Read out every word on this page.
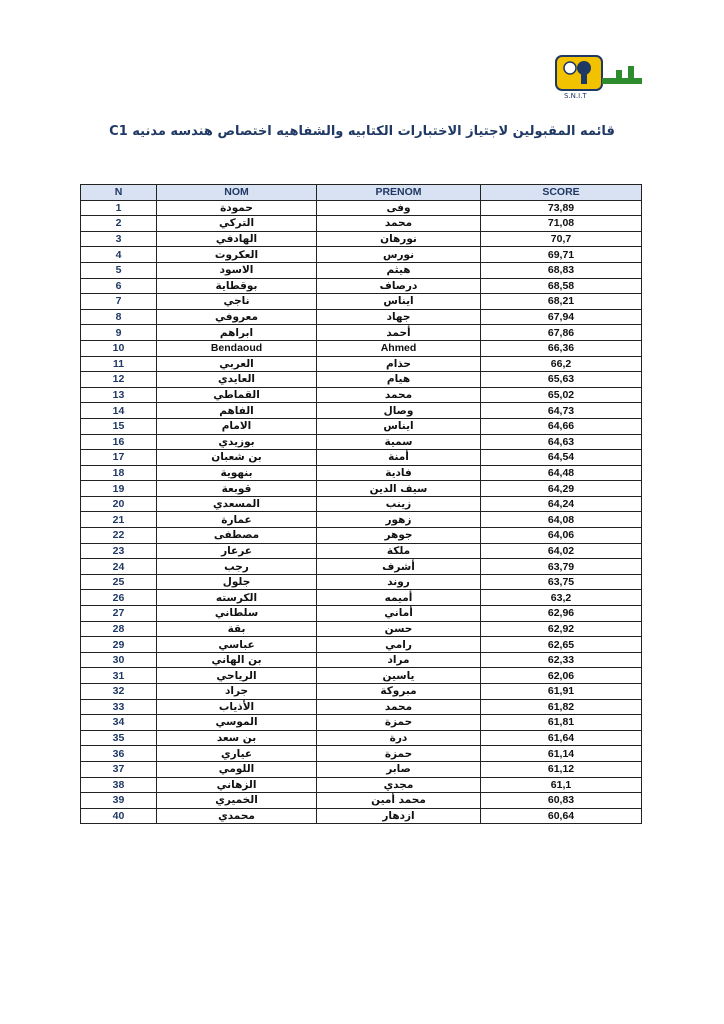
S.N.I.T
قائمه المقبولين لاجتياز الاختبارات الكتابيه والشفاهيه اختصاص هندسه مدنيه C1
N	NOM	PRENOM	SCORE
1	حمودة	وفى	73,89
2	التركي	محمد	71,08
3	الهادفي	نورهان	70,7
4	العكروت	نورس	69,71
5	الاسود	هيثم	68,83
6	بوقطاية	درصاف	68,58
7	ناجي	ايناس	68,21
8	معروفي	جهاد	67,94
9	ابراهم	أحمد	67,86
10	Bendaoud	Ahmed	66,36
11	العربي	حذام	66,2
12	العايدي	هيام	65,63
13	القماطي	محمد	65,02
14	الفاهم	وصال	64,73
15	الامام	ايناس	64,66
16	بوزيدي	سمية	64,63
17	بن شعبان	أمنة	64,54
18	بنهوية	فادية	64,48
19	قوبعة	سيف الدين	64,29
20	المسعدي	زينب	64,24
21	عمارة	زهور	64,08
22	مصطفى	جوهر	64,06
23	عرعار	ملكة	64,02
24	رجب	أشرف	63,79
25	جلول	روند	63,75
26	الكرسته	أميمه	63,2
27	سلطاني	أماني	62,96
28	بقة	حسن	62,92
29	عباسي	رامي	62,65
30	بن الهاني	مراد	62,33
31	الرياحي	ياسين	62,06
32	جراد	مبروكة	61,91
33	الأذياب	محمد	61,82
34	الموسي	حمزة	61,81
35	بن سعد	درة	61,64
36	عياري	حمزة	61,14
37	اللومي	صابر	61,12
38	الزهاني	مجدي	61,1
39	الخميري	محمد أمين	60,83
40	محمدي	ازدهار	60,64
